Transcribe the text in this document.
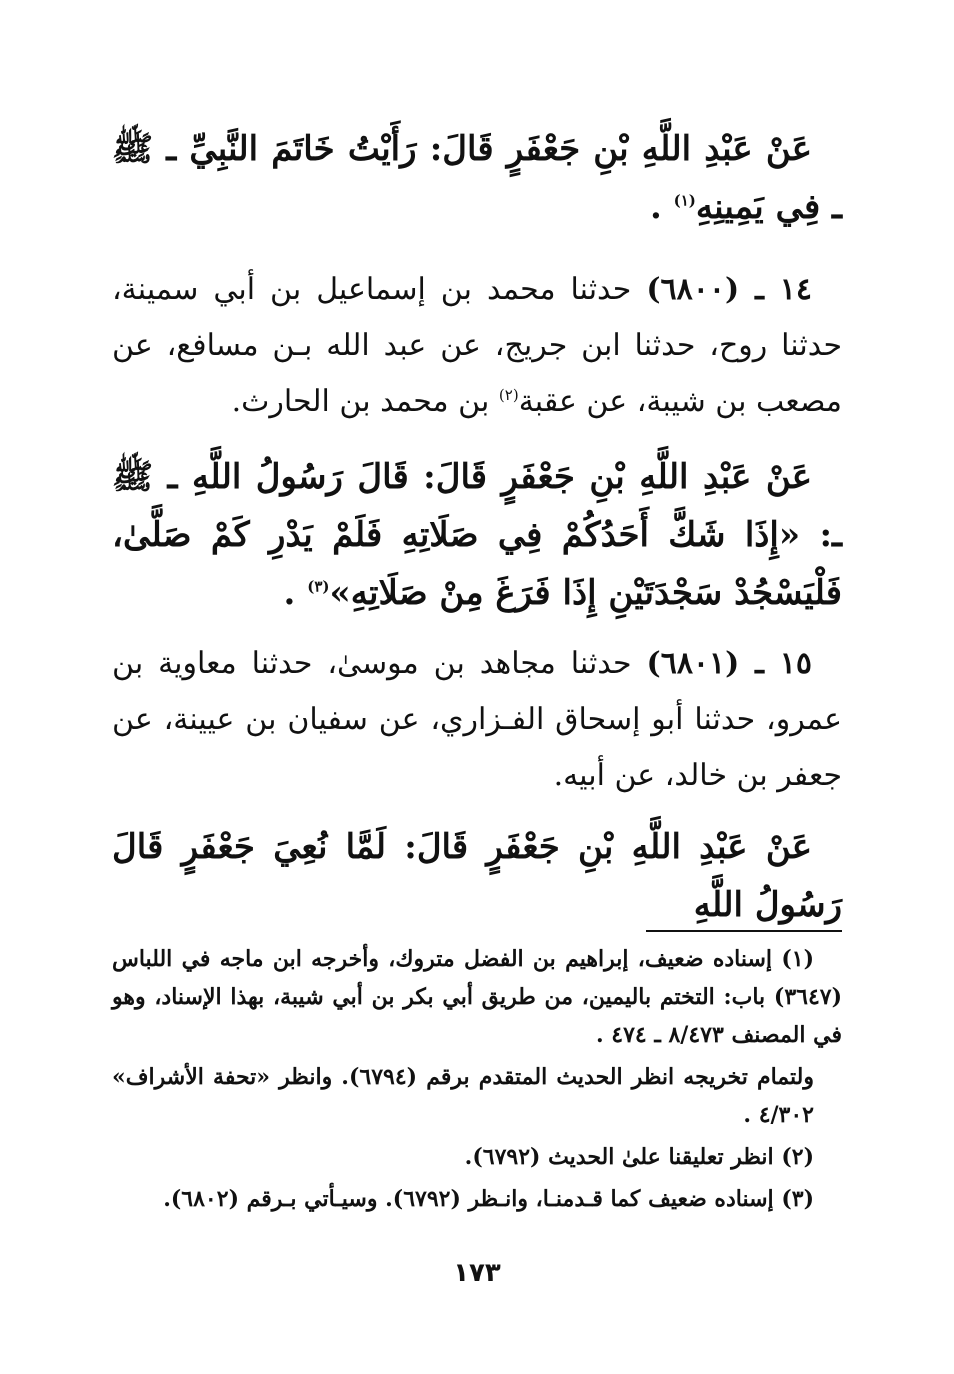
عَنْ عَبْدِ اللَّهِ بْنِ جَعْفَرٍ قَالَ: رَأَيْتُ خَاتَمَ النَّبِيِّ ـ ﷺ ـ فِي يَمِينِهِ$^{(١)}$ .

١٤ ـ (٦٨٠٠) حدثنا محمد بن إسماعيل بن أبي سمينة، حدثنا روح، حدثنا ابن جريج، عن عبد الله بـن مسافع، عن مصعب بن شيبة، عن عقبة$^{(٢)}$ بن محمد بن الحارث.

عَنْ عَبْدِ اللَّهِ بْنِ جَعْفَرٍ قَالَ: قَالَ رَسُولُ اللَّهِ ـ ﷺ ـ: «إِذَا شَكَّ أَحَدُكُمْ فِي صَلَاتِهِ فَلَمْ يَدْرِ كَمْ صَلَّىٰ، فَلْيَسْجُدْ سَجْدَتَيْنِ إِذَا فَرَغَ مِنْ صَلَاتِهِ»$^{(٣)}$ .

١٥ ـ (٦٨٠١) حدثنا مجاهد بن موسىٰ، حدثنا معاوية بن عمرو، حدثنا أبو إسحاق الفـزاري، عن سفيان بن عيينة، عن جعفر بن خالد، عن أبيه.

عَنْ عَبْدِ اللَّهِ بْنِ جَعْفَرٍ قَالَ: لَمَّا نُعِيَ جَعْفَرٍ قَالَ رَسُولُ اللَّهِ

(١) إسناده ضعيف، إبراهيم بن الفضل متروك، وأخرجه ابن ماجه في اللباس (٣٦٤٧) باب: التختم باليمين، من طريق أبي بكر بن أبي شيبة، بهذا الإسناد، وهو في المصنف ٨/٤٧٣ ـ ٤٧٤ .

ولتمام تخريجه انظر الحديث المتقدم برقم (٦٧٩٤). وانظر «تحفة الأشراف» ٤/٣٠٢ .

(٢) انظر تعليقنا علىٰ الحديث (٦٧٩٢).

(٣) إسناده ضعيف كما قـدمنـا، وانـظر (٦٧٩٢). وسيـأتي بـرقم (٦٨٠٢).

١٧٣
